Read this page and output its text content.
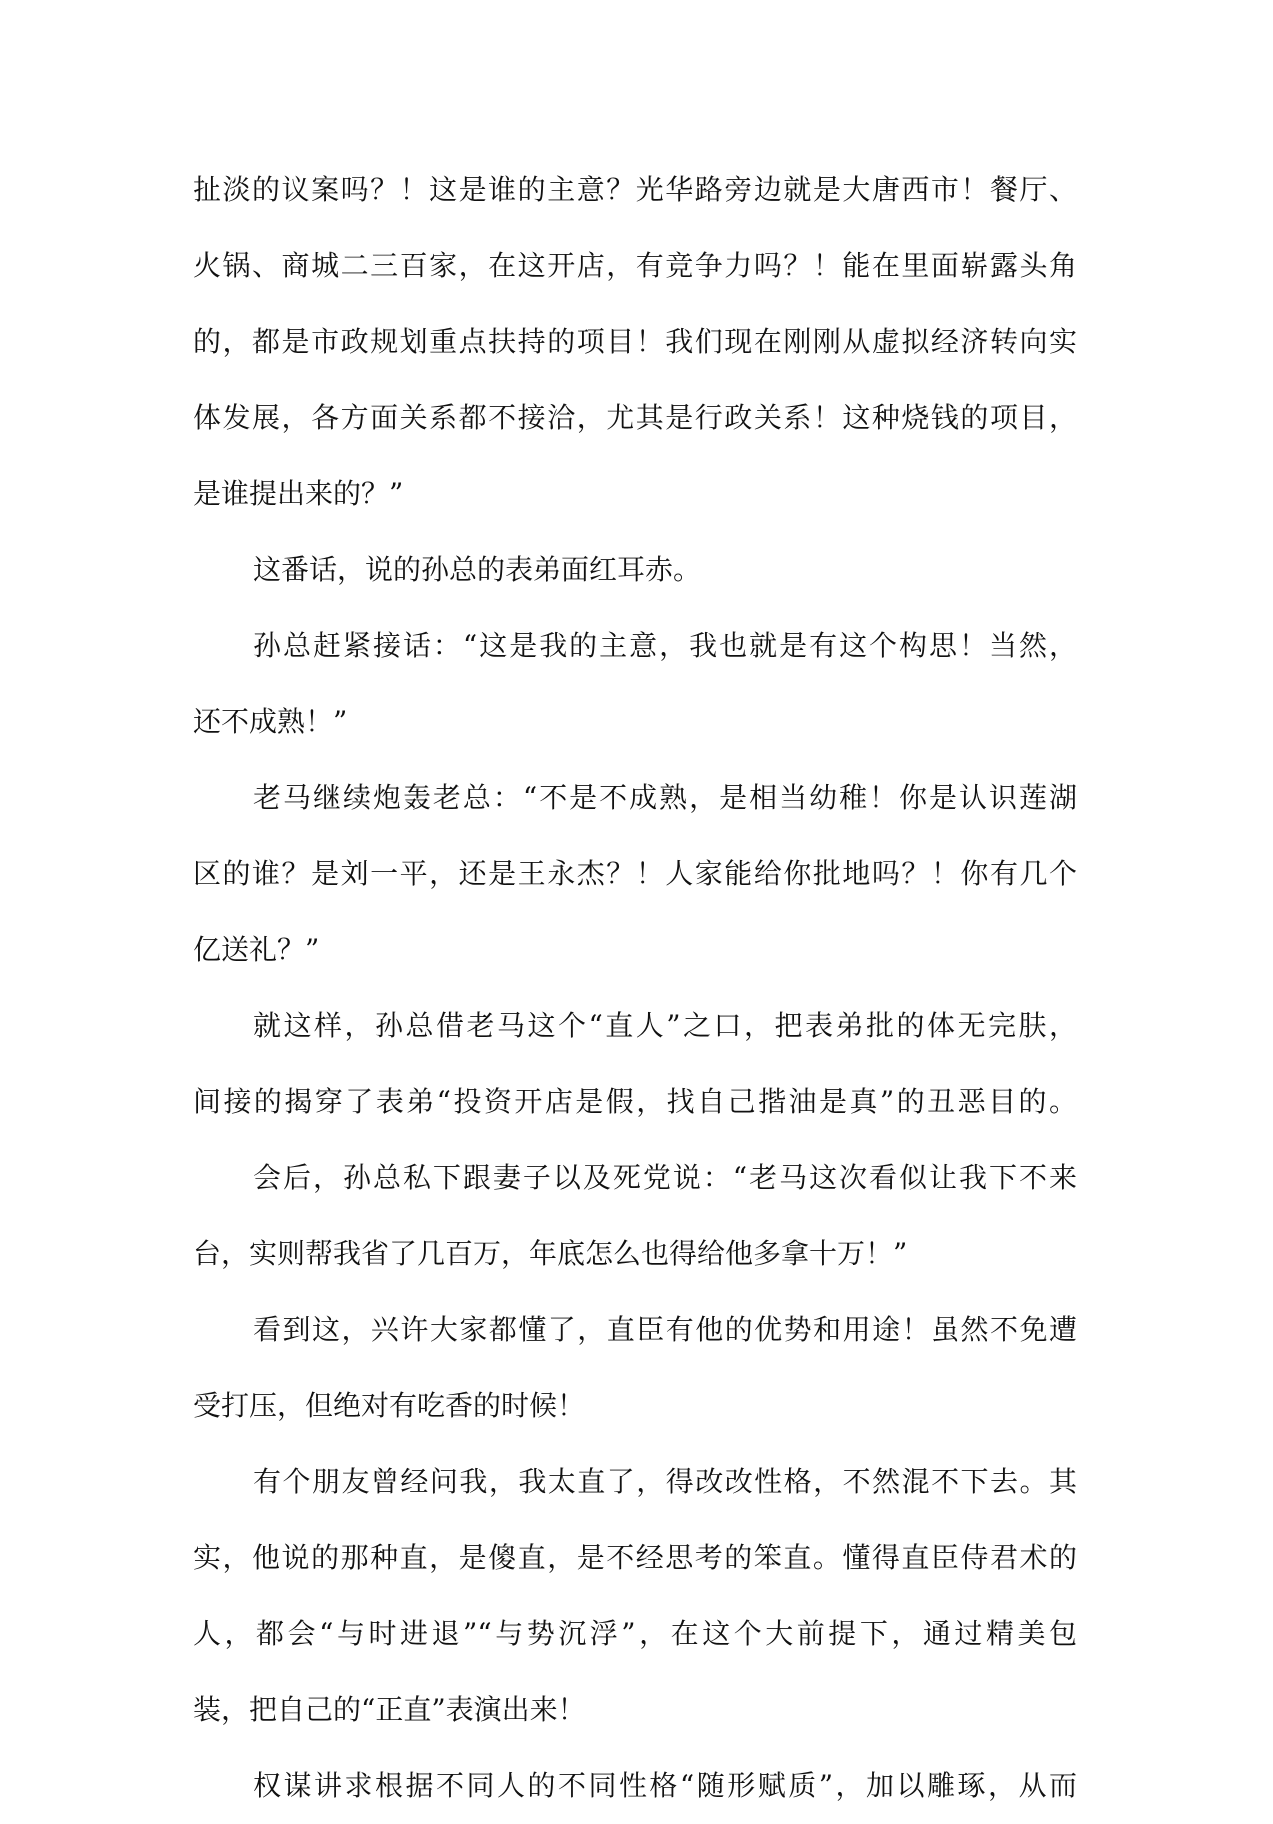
扯淡的议案吗？！这是谁的主意？光华路旁边就是大唐西市！餐厅、
火锅、商城二三百家，在这开店，有竞争力吗？！能在里面崭露头角
的，都是市政规划重点扶持的项目！我们现在刚刚从虚拟经济转向实
体发展，各方面关系都不接洽，尤其是行政关系！这种烧钱的项目，
是谁提出来的？”
这番话，说的孙总的表弟面红耳赤。
孙总赶紧接话：“这是我的主意，我也就是有这个构思！当然，
还不成熟！”
老马继续炮轰老总：“不是不成熟，是相当幼稚！你是认识莲湖
区的谁？是刘一平，还是王永杰？！人家能给你批地吗？！你有几个
亿送礼？”
就这样，孙总借老马这个“直人”之口，把表弟批的体无完肤，
间接的揭穿了表弟“投资开店是假，找自己揩油是真”的丑恶目的。
会后，孙总私下跟妻子以及死党说：“老马这次看似让我下不来
台，实则帮我省了几百万，年底怎么也得给他多拿十万！”
看到这，兴许大家都懂了，直臣有他的优势和用途！虽然不免遭
受打压，但绝对有吃香的时候！
有个朋友曾经问我，我太直了，得改改性格，不然混不下去。其
实，他说的那种直，是傻直，是不经思考的笨直。懂得直臣侍君术的
人，都会“与时进退”“与势沉浮”，在这个大前提下，通过精美包
装，把自己的“正直”表演出来！
权谋讲求根据不同人的不同性格“随形赋质”，加以雕琢，从而
